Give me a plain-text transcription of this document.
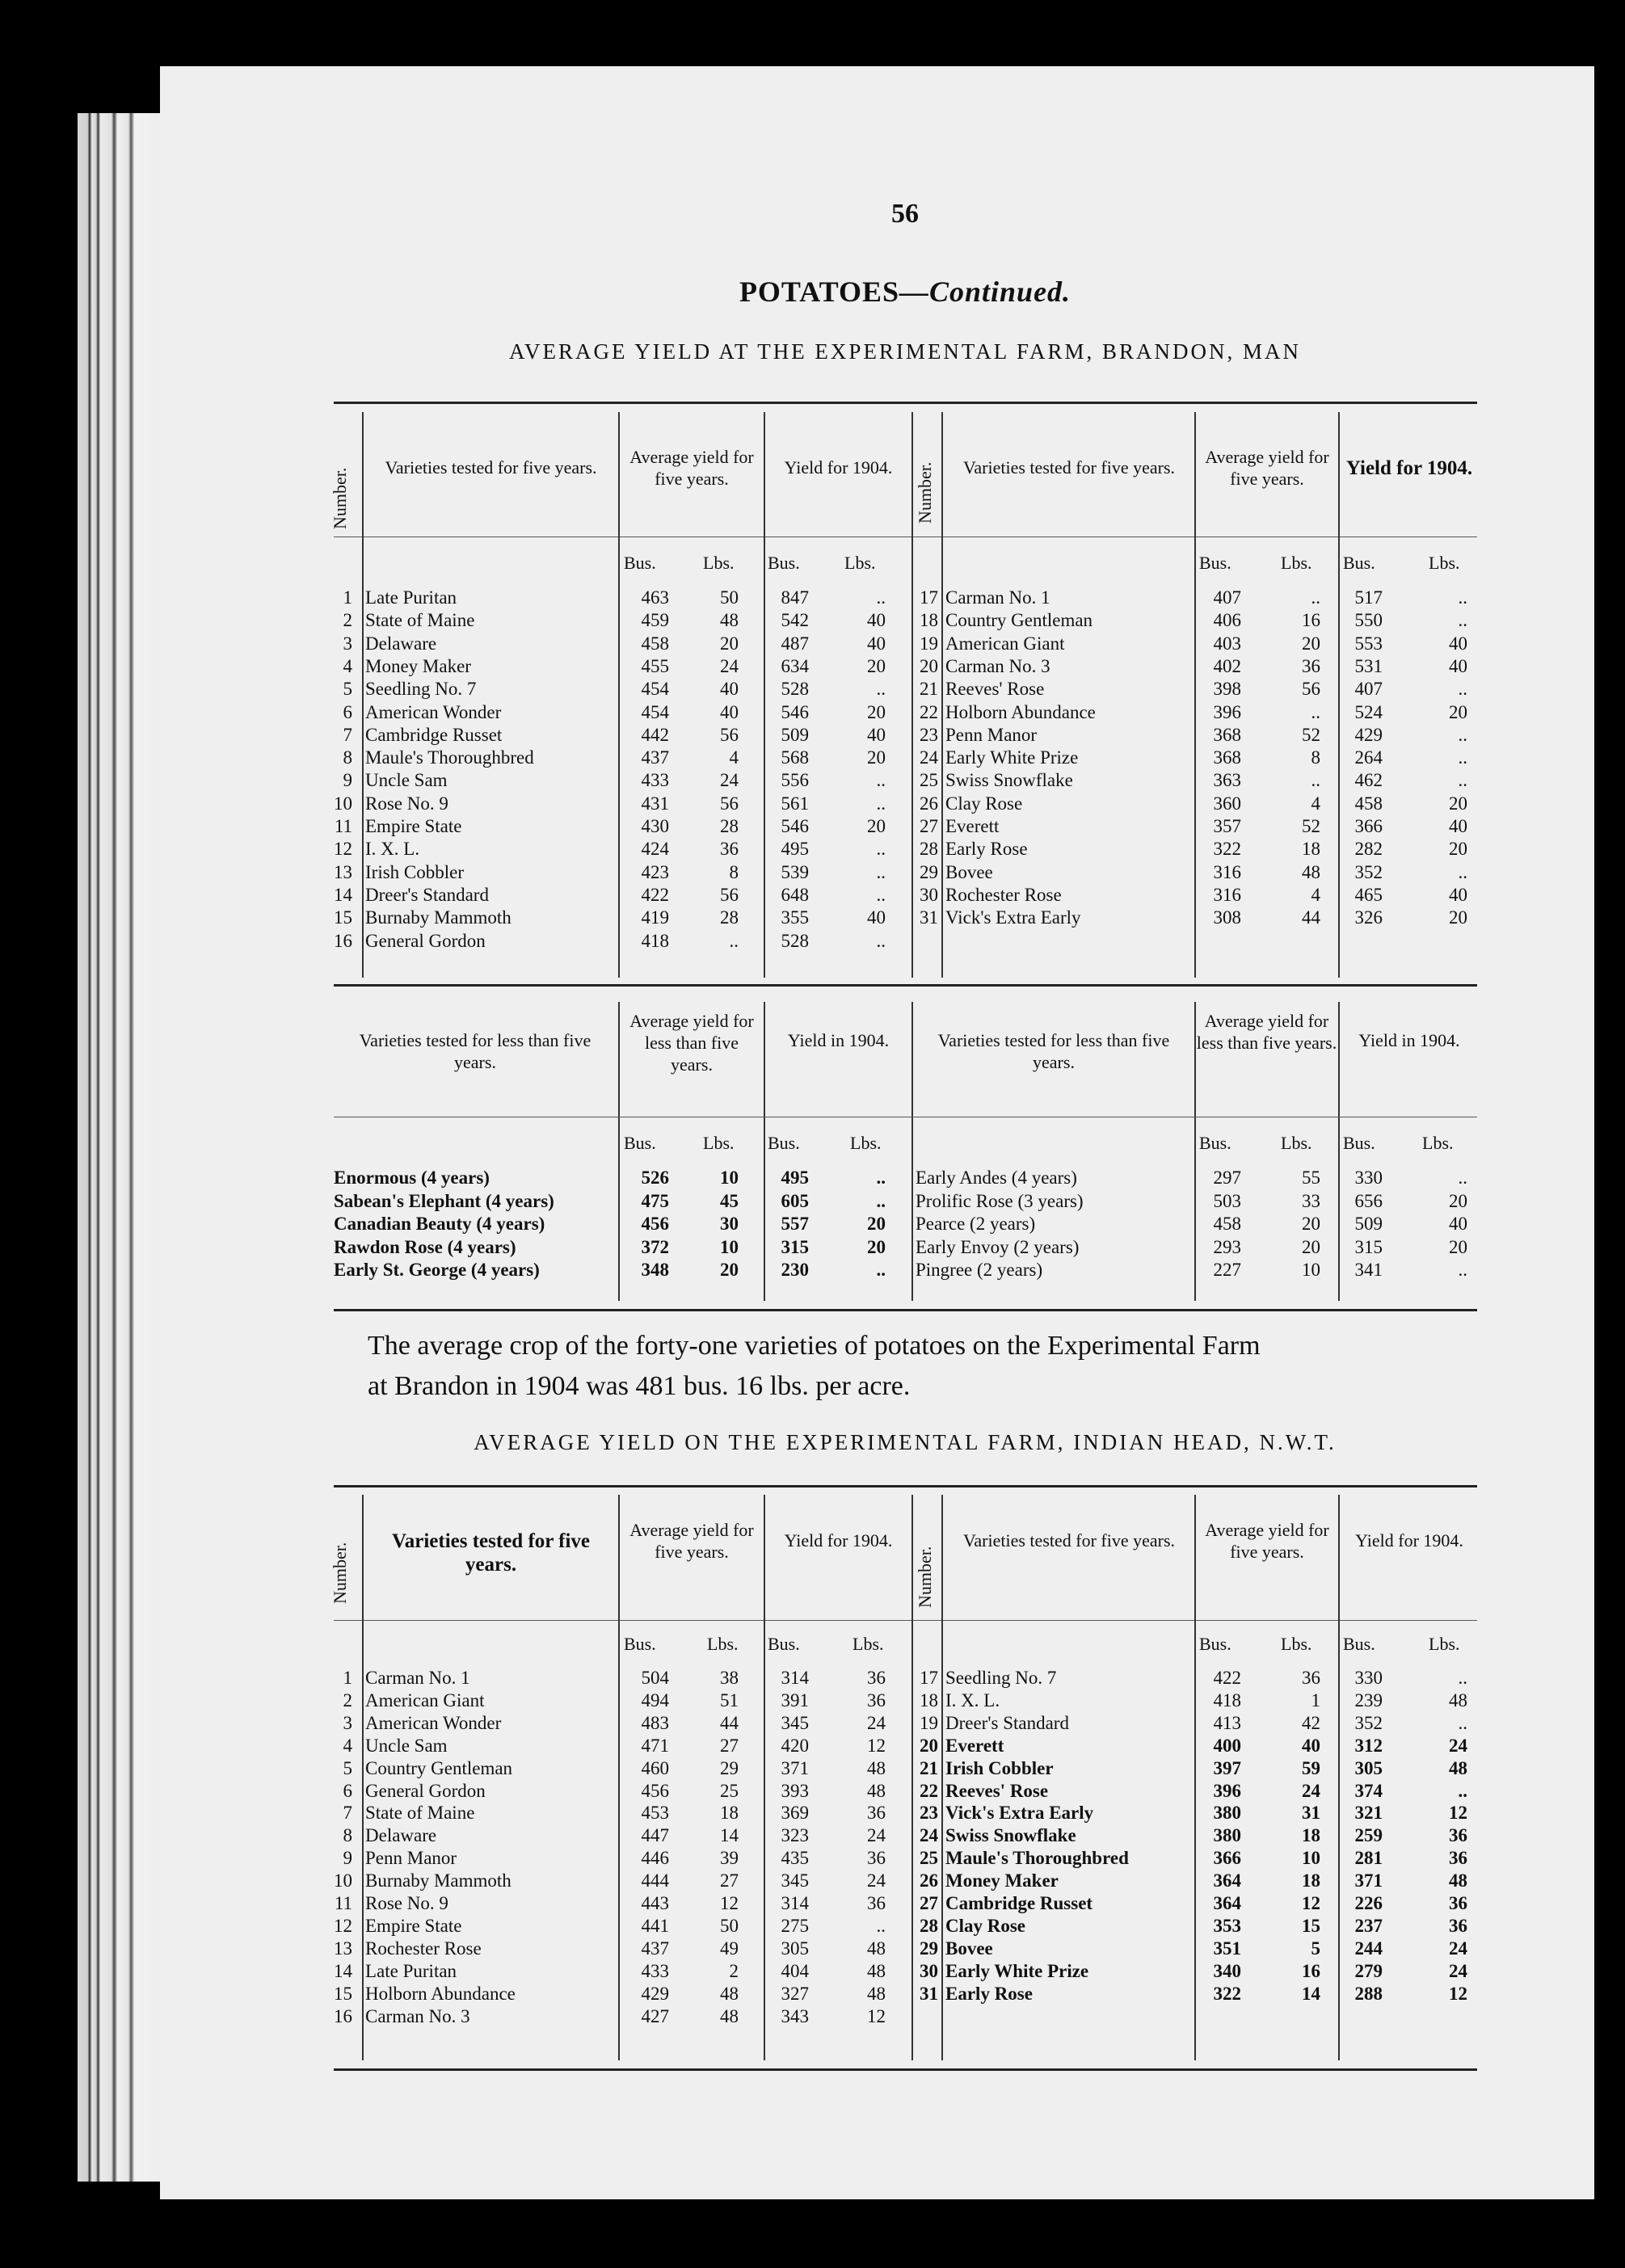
56
POTATOES—Continued.
AVERAGE YIELD AT THE EXPERIMENTAL FARM, BRANDON, MAN
Number.	Number.
Varieties tested for five years.
Average yield for five years.
Yield for 1904.	Varieties tested for five years.
Average yield for five years.	Yield for 1904.
Bus.	Lbs. Bus.	Lbs.	Bus.	Lbs. Bus.	Lbs.
1 Late Puritan	463	50	847	..
2 State of Maine	459	48	542	40
3 Delaware	458	20	487	40
4 Money Maker	455	24	634	20
5 Seedling No. 7	454	40	528	..
6 American Wonder	454	40	546	20
7 Cambridge Russet	442	56	509	40
8 Maule's Thoroughbred	437	4	568	20
9 Uncle Sam	433	24	556	..
10 Rose No. 9	431	56	561	..
11 Empire State	430	28	546	20
12 I. X. L.	424	36	495	..
13 Irish Cobbler	423	8	539	..
14 Dreer's Standard	422	56	648	..
15 Burnaby Mammoth	419	28	355	40
16 General Gordon	418	..	528	..
17 Carman No. 1	407	..	517	..
18 Country Gentleman	406	16	550	..
19 American Giant	403	20	553	40
20 Carman No. 3	402	36	531	40
21 Reeves' Rose	398	56	407	..
22 Holborn Abundance	396	..	524	20
23 Penn Manor	368	52	429	..
24 Early White Prize	368	8	264	..
25 Swiss Snowflake	363	..	462	..
26 Clay Rose	360	4	458	20
27 Everett	357	52	366	40
28 Early Rose	322	18	282	20
29 Bovee	316	48	352	..
30 Rochester Rose	316	4	465	40
31 Vick's Extra Early	308	44	326	20
Varieties tested for less than five years.
Average yield for less than five years.
Yield in 1904.	Varieties tested for less than five years.
Average yield for less than five years.	Yield in 1904.
Bus.	Lbs. Bus.	Lbs.	Bus.	Lbs. Bus.	Lbs.
Enormous (4 years)	526	10	495	..
Sabean's Elephant (4 years)	475	45	605	..
Canadian Beauty (4 years)	456	30	557	20
Rawdon Rose (4 years)	372	10	315	20
Early St. George (4 years)	348	20	230	..
Early Andes (4 years)	297	55	330	..
Prolific Rose (3 years)	503	33	656	20
Pearce (2 years)	458	20	509	40
Early Envoy (2 years)	293	20	315	20
Pingree (2 years)	227	10	341	..
The average crop of the forty-one varieties of potatoes on the Experimental Farm
at Brandon in 1904 was 481 bus. 16 lbs. per acre.
AVERAGE YIELD ON THE EXPERIMENTAL FARM, INDIAN HEAD, N.W.T.
Number.	Number.
Varieties tested for five years.
Average yield for five years.
Yield for 1904.	Varieties tested for five years.
Average yield for five years.
Yield for 1904.
Bus.	Lbs. Bus.	Lbs.	Bus.	Lbs. Bus.	Lbs.
1 Carman No. 1	504	38	314	36
2 American Giant	494	51	391	36
3 American Wonder	483	44	345	24
4 Uncle Sam	471	27	420	12
5 Country Gentleman	460	29	371	48
6 General Gordon	456	25	393	48
7 State of Maine	453	18	369	36
8 Delaware	447	14	323	24
9 Penn Manor	446	39	435	36
10 Burnaby Mammoth	444	27	345	24
11 Rose No. 9	443	12	314	36
12 Empire State	441	50	275	..
13 Rochester Rose	437	49	305	48
14 Late Puritan	433	2	404	48
15 Holborn Abundance	429	48	327	48
16 Carman No. 3	427	48	343	12
17 Seedling No. 7	422	36	330	..
18 I. X. L.	418	1	239	48
19 Dreer's Standard	413	42	352	..
20 Everett	400	40	312	24
21 Irish Cobbler	397	59	305	48
22 Reeves' Rose	396	24	374	..
23 Vick's Extra Early	380	31	321	12
24 Swiss Snowflake	380	18	259	36
25 Maule's Thoroughbred	366	10	281	36
26 Money Maker	364	18	371	48
27 Cambridge Russet	364	12	226	36
28 Clay Rose	353	15	237	36
29 Bovee	351	5	244	24
30 Early White Prize	340	16	279	24
31 Early Rose	322	14	288	12
